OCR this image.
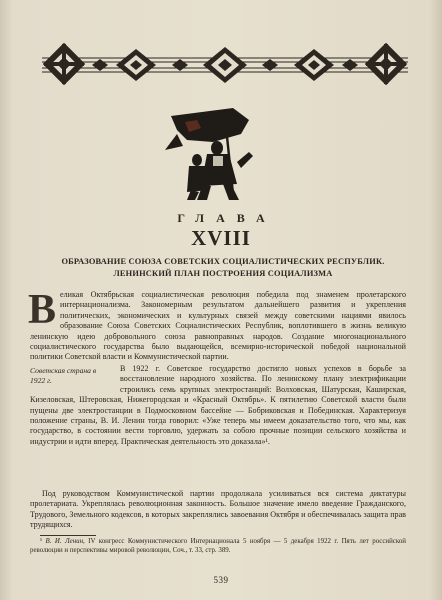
ГЛАВА
XVIII
ОБРАЗОВАНИЕ СОЮЗА СОВЕТСКИХ СОЦИАЛИСТИЧЕСКИХ РЕСПУБЛИК.
ЛЕНИНСКИЙ ПЛАН ПОСТРОЕНИЯ СОЦИАЛИЗМА
Великая Октябрьская социалистическая революция победила под знаменем пролетарского интернационализма. Закономерным результатом дальнейшего развития и укрепления политических, экономических и культурных связей между советскими нациями явилось образование Союза Советских Социалистических Республик, воплотившего в жизнь великую ленинскую идею добровольного союза равноправных народов. Создание многонационального социалистического государства было выдающейся, всемирно-исторической победой национальной политики Советской власти и Коммунистической партии.
Советская страна в 1922 г.
В 1922 г. Советское государство достигло новых успехов в борьбе за восстановление народного хозяйства. По ленинскому плану электрификации строились семь крупных электростанций: Волховская, Шатурская, Каширская, Кизеловская, Штеровская, Нижегородская и «Красный Октябрь». К пятилетию Советской власти были пущены две электростанции в Подмосковном бассейне — Бобриковская и Побединская. Характеризуя положение страны, В. И. Ленин тогда говорил: «Уже теперь мы имеем доказательство того, что мы, как государство, в состоянии вести торговлю, удержать за собою прочные позиции сельского хозяйства и индустрии и идти вперед. Практическая деятельность это доказала»¹.
Под руководством Коммунистической партии продолжала усиливаться вся система диктатуры пролетариата. Укреплялась революционная законность. Большое значение имело введение Гражданского, Трудового, Земельного кодексов, в которых закреплялись завоевания Октября и обеспечивалась защита прав трудящихся.
¹ В. И. Ленин, IV конгресс Коммунистического Интернационала 5 ноября — 5 декабря 1922 г. Пять лет российской революции и перспективы мировой революции, Соч., т. 33, стр. 389.
539
